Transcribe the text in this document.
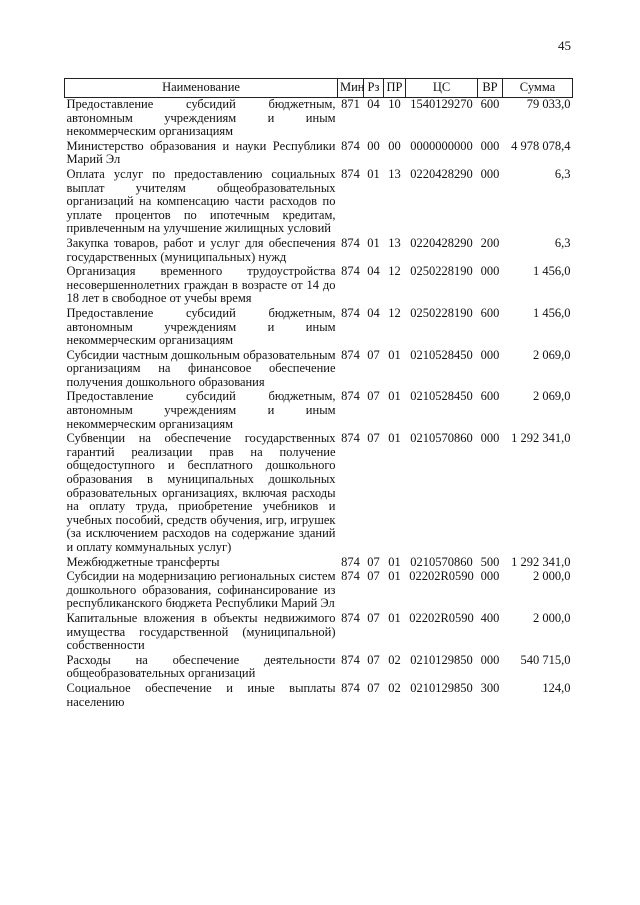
45
Наименование	Мин	Рз	ПР	ЦС	ВР	Сумма
Предоставление субсидий бюджетным, автономным учреждениям и иным некоммерческим организациям	871	04	10	1540129270	600	79 033,0
Министерство образования и науки Республики Марий Эл	874	00	00	0000000000	000	4 978 078,4
Оплата услуг по предоставлению социальных выплат учителям общеобразовательных организаций на компенсацию части расходов по уплате процентов по ипотечным кредитам, привлеченным на улучшение жилищных условий	874	01	13	0220428290	000	6,3
Закупка товаров, работ и услуг для обеспечения государственных (муниципальных) нужд	874	01	13	0220428290	200	6,3
Организация временного трудоустройства несовершеннолетних граждан в возрасте от 14 до 18 лет в свободное от учебы время	874	04	12	0250228190	000	1 456,0
Предоставление субсидий бюджетным, автономным учреждениям и иным некоммерческим организациям	874	04	12	0250228190	600	1 456,0
Субсидии частным дошкольным образовательным организациям на финансовое обеспечение получения дошкольного образования	874	07	01	0210528450	000	2 069,0
Предоставление субсидий бюджетным, автономным учреждениям и иным некоммерческим организациям	874	07	01	0210528450	600	2 069,0
Субвенции на обеспечение государственных гарантий реализации прав на получение общедоступного и бесплатного дошкольного образования в муниципальных дошкольных образовательных организациях, включая расходы на оплату труда, приобретение учебников и учебных пособий, средств обучения, игр, игрушек (за исключением расходов на содержание зданий и оплату коммунальных услуг)	874	07	01	0210570860	000	1 292 341,0
Межбюджетные трансферты	874	07	01	0210570860	500	1 292 341,0
Субсидии на модернизацию региональных систем дошкольного образования, софинансирование из республиканского бюджета Республики Марий Эл	874	07	01	02202R0590	000	2 000,0
Капитальные вложения в объекты недвижимого имущества государственной (муниципальной) собственности	874	07	01	02202R0590	400	2 000,0
Расходы на обеспечение деятельности общеобразовательных организаций	874	07	02	0210129850	000	540 715,0
Социальное обеспечение и иные выплаты населению	874	07	02	0210129850	300	124,0
